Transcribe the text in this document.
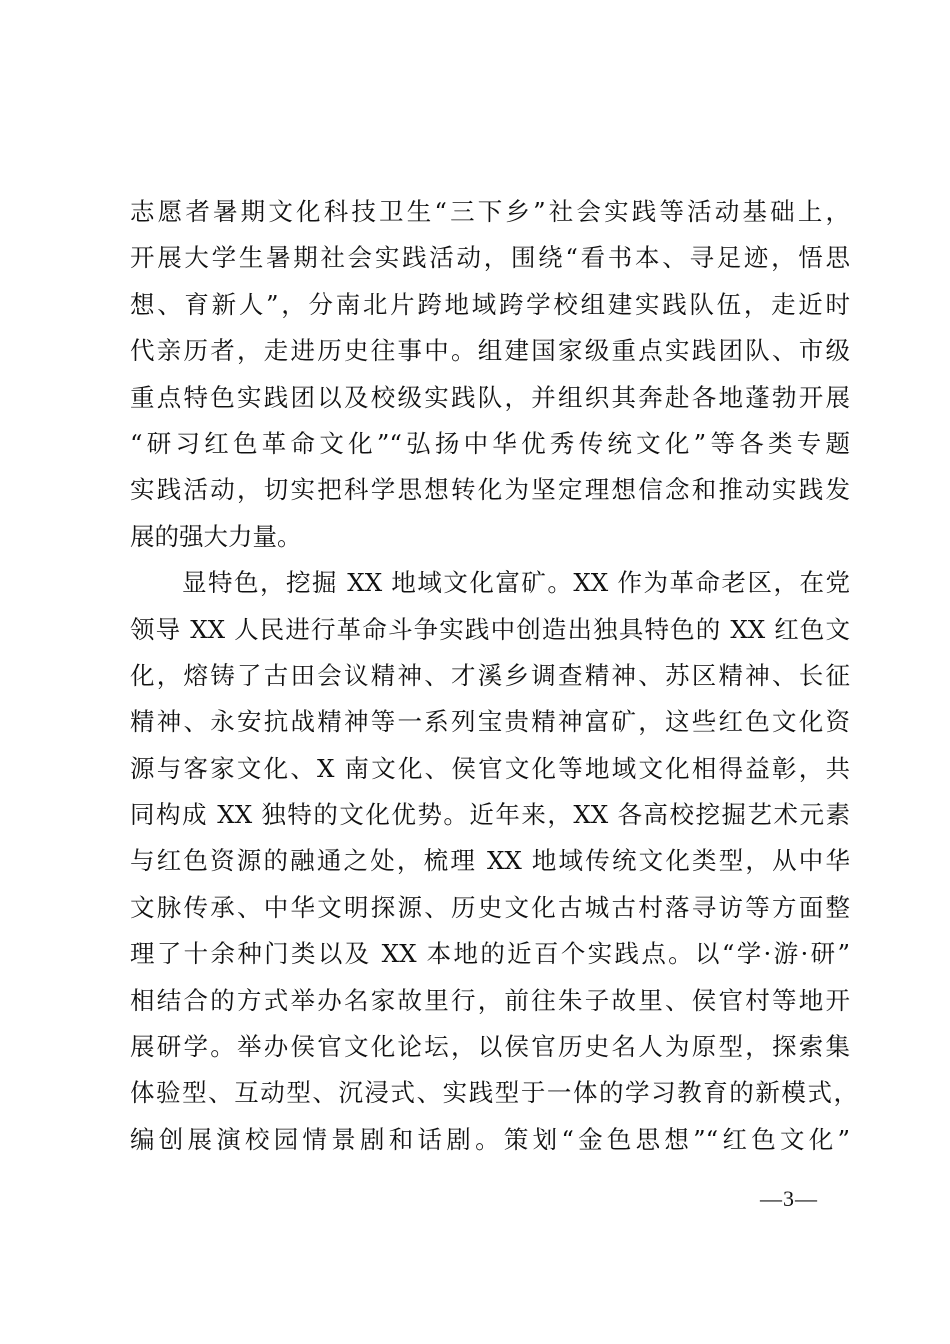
志愿者暑期文化科技卫生“三下乡”社会实践等活动基础上，
开展大学生暑期社会实践活动，围绕“看书本、寻足迹，悟思
想、育新人”，分南北片跨地域跨学校组建实践队伍，走近时
代亲历者，走进历史往事中。组建国家级重点实践团队、市级
重点特色实践团以及校级实践队，并组织其奔赴各地蓬勃开展
“研习红色革命文化”“弘扬中华优秀传统文化”等各类专题
实践活动，切实把科学思想转化为坚定理想信念和推动实践发
展的强大力量。
显特色，挖掘 XX 地域文化富矿。XX 作为革命老区，在党
领导 XX 人民进行革命斗争实践中创造出独具特色的 XX 红色文
化，熔铸了古田会议精神、才溪乡调查精神、苏区精神、长征
精神、永安抗战精神等一系列宝贵精神富矿，这些红色文化资
源与客家文化、X 南文化、侯官文化等地域文化相得益彰，共
同构成 XX 独特的文化优势。近年来，XX 各高校挖掘艺术元素
与红色资源的融通之处，梳理 XX 地域传统文化类型，从中华
文脉传承、中华文明探源、历史文化古城古村落寻访等方面整
理了十余种门类以及 XX 本地的近百个实践点。以“学·游·研”
相结合的方式举办名家故里行，前往朱子故里、侯官村等地开
展研学。举办侯官文化论坛，以侯官历史名人为原型，探索集
体验型、互动型、沉浸式、实践型于一体的学习教育的新模式，
编创展演校园情景剧和话剧。策划“金色思想”“红色文化”
—3—
